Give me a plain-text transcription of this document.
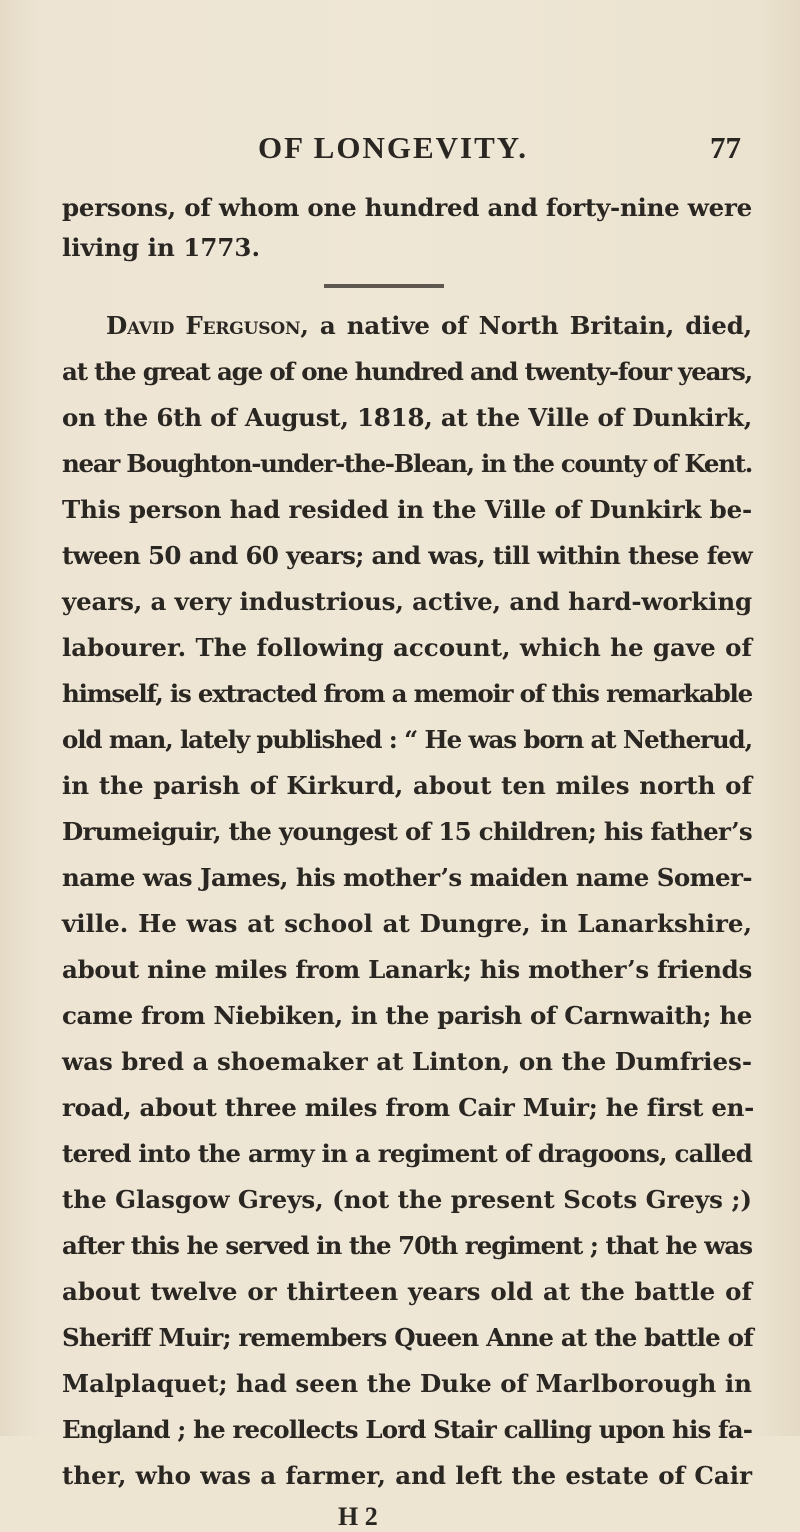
OF LONGEVITY.	77
persons, of whom one hundred and forty-nine were
living in 1773.
David Ferguson, a native of North Britain, died,
at the great age of one hundred and twenty-four years,
on the 6th of August, 1818, at the Ville of Dunkirk,
near Boughton-under-the-Blean, in the county of Kent.
This person had resided in the Ville of Dunkirk be-
tween 50 and 60 years; and was, till within these few
years, a very industrious, active, and hard-working
labourer. The following account, which he gave of
himself, is extracted from a memoir of this remarkable
old man, lately published : “ He was born at Netherud,
in the parish of Kirkurd, about ten miles north of
Drumeiguir, the youngest of 15 children; his father’s
name was James, his mother’s maiden name Somer-
ville. He was at school at Dungre, in Lanarkshire,
about nine miles from Lanark; his mother’s friends
came from Niebiken, in the parish of Carnwaith; he
was bred a shoemaker at Linton, on the Dumfries-
road, about three miles from Cair Muir; he first en-
tered into the army in a regiment of dragoons, called
the Glasgow Greys, (not the present Scots Greys ;)
after this he served in the 70th regiment ; that he was
about twelve or thirteen years old at the battle of
Sheriff Muir; remembers Queen Anne at the battle of
Malplaquet; had seen the Duke of Marlborough in
England ; he recollects Lord Stair calling upon his fa-
ther, who was a farmer, and left the estate of Cair
H 2
